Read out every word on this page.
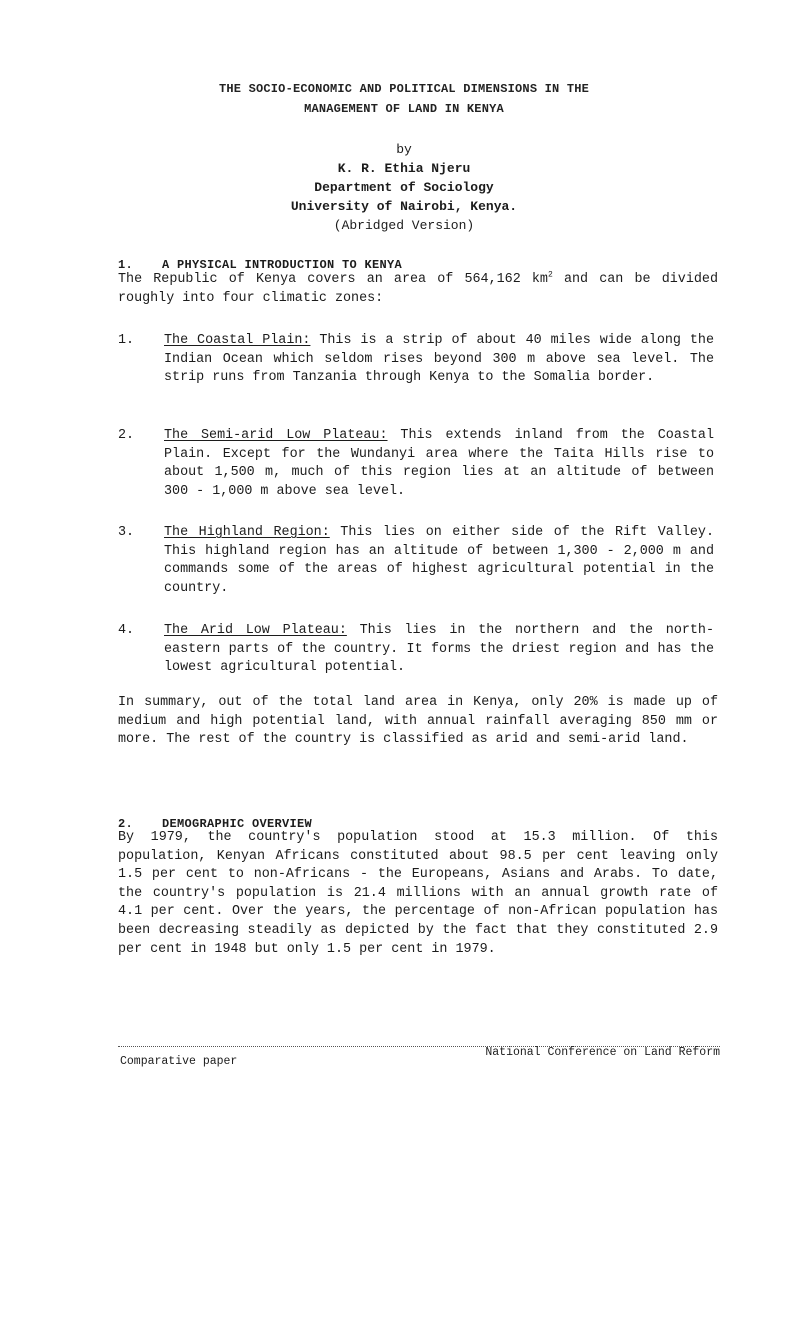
THE SOCIO-ECONOMIC AND POLITICAL DIMENSIONS IN THE
MANAGEMENT OF LAND IN KENYA
by
K. R. Ethia Njeru
Department of Sociology
University of Nairobi, Kenya.
(Abridged Version)
1. A PHYSICAL INTRODUCTION TO KENYA

The Republic of Kenya covers an area of 564,162 $km^2$ and can be divided roughly into four climatic zones:

1. The Coastal Plain: This is a strip of about 40 miles wide along the Indian Ocean which seldom rises beyond 300 m above sea level. The strip runs from Tanzania through Kenya to the Somalia border.
2. The Semi-arid Low Plateau: This extends inland from the Coastal Plain. Except for the Wundanyi area where the Taita Hills rise to about 1,500 m, much of this region lies at an altitude of between 300 - 1,000 m above sea level.
3. The Highland Region: This lies on either side of the Rift Valley. This highland region has an altitude of between 1,300 - 2,000 m and commands some of the areas of highest agricultural potential in the country.
4. The Arid Low Plateau: This lies in the northern and the north-eastern parts of the country. It forms the driest region and has the lowest agricultural potential.

In summary, out of the total land area in Kenya, only 20% is made up of medium and high potential land, with annual rainfall averaging 850 mm or more. The rest of the country is classified as arid and semi-arid land.

2. DEMOGRAPHIC OVERVIEW

By 1979, the country's population stood at 15.3 million. Of this population, Kenyan Africans constituted about 98.5 per cent leaving only 1.5 per cent to non-Africans - the Europeans, Asians and Arabs. To date, the country's population is 21.4 millions with an annual growth rate of 4.1 per cent. Over the years, the percentage of non-African population has been decreasing steadily as depicted by the fact that they constituted 2.9 per cent in 1948 but only 1.5 per cent in 1979.

Comparative paper
National Conference on Land Reform
